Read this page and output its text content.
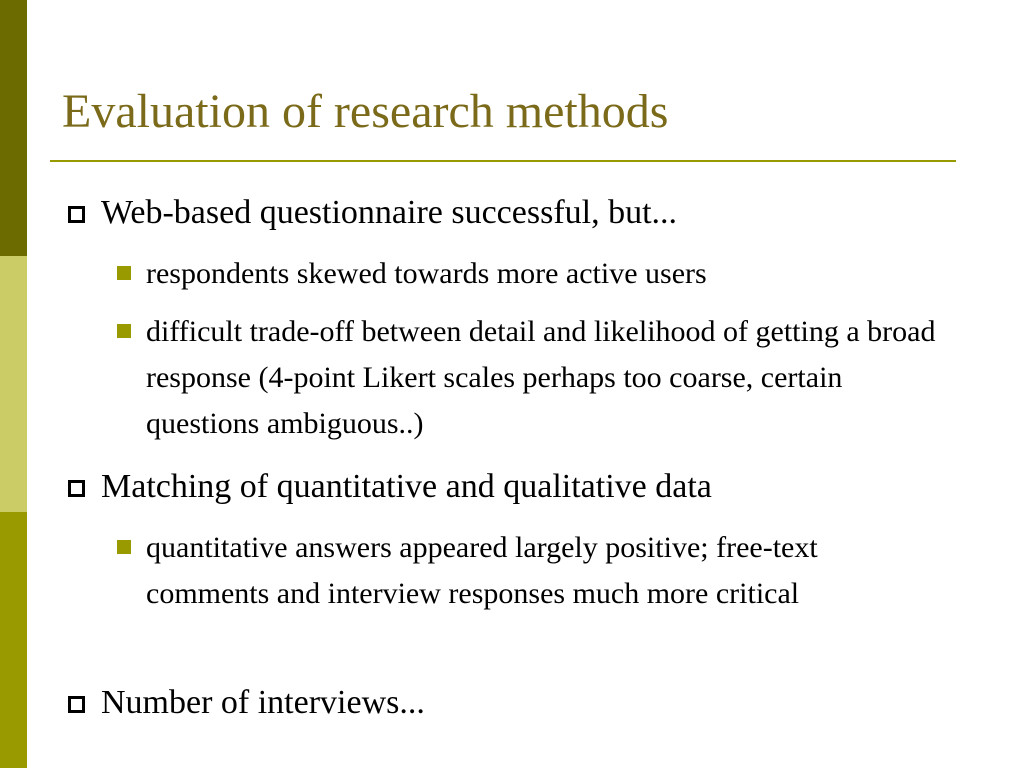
Evaluation of research methods
Web-based questionnaire successful, but...
respondents skewed towards more active users
difficult trade-off between detail and likelihood of getting a broad response (4-point Likert scales perhaps too coarse, certain questions ambiguous..)
Matching of quantitative and qualitative data
quantitative answers appeared largely positive; free-text comments and interview responses much more critical
Number of interviews...
